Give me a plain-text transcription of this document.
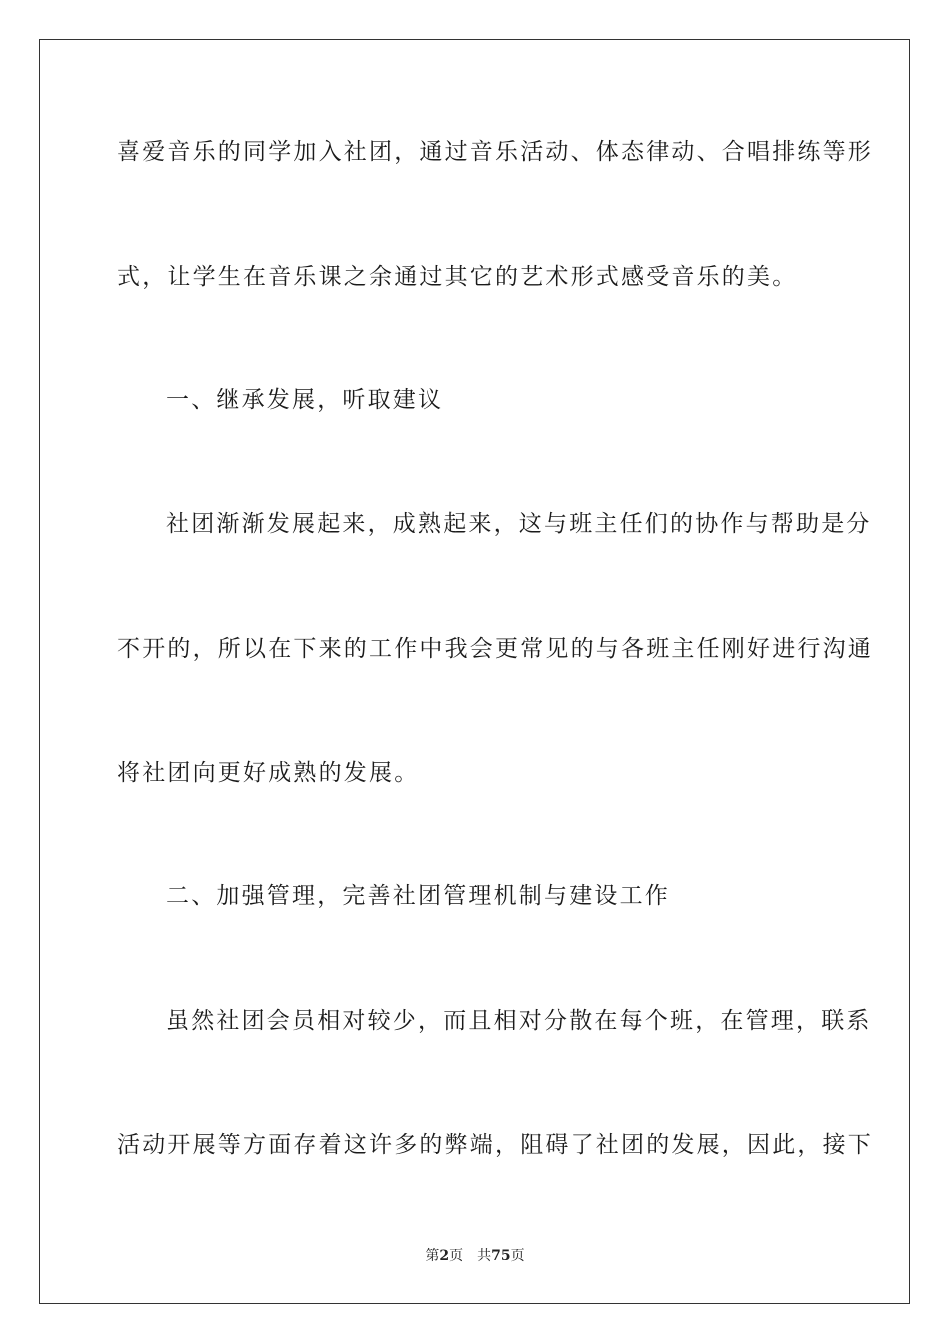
喜爱音乐的同学加入社团，通过音乐活动、体态律动、合唱排练等形
式，让学生在音乐课之余通过其它的艺术形式感受音乐的美。
一、继承发展，听取建议
社团渐渐发展起来，成熟起来，这与班主任们的协作与帮助是分
不开的，所以在下来的工作中我会更常见的与各班主任刚好进行沟通
将社团向更好成熟的发展。
二、加强管理，完善社团管理机制与建设工作
虽然社团会员相对较少，而且相对分散在每个班，在管理，联系
活动开展等方面存着这许多的弊端，阻碍了社团的发展，因此，接下
第2页 共75页
